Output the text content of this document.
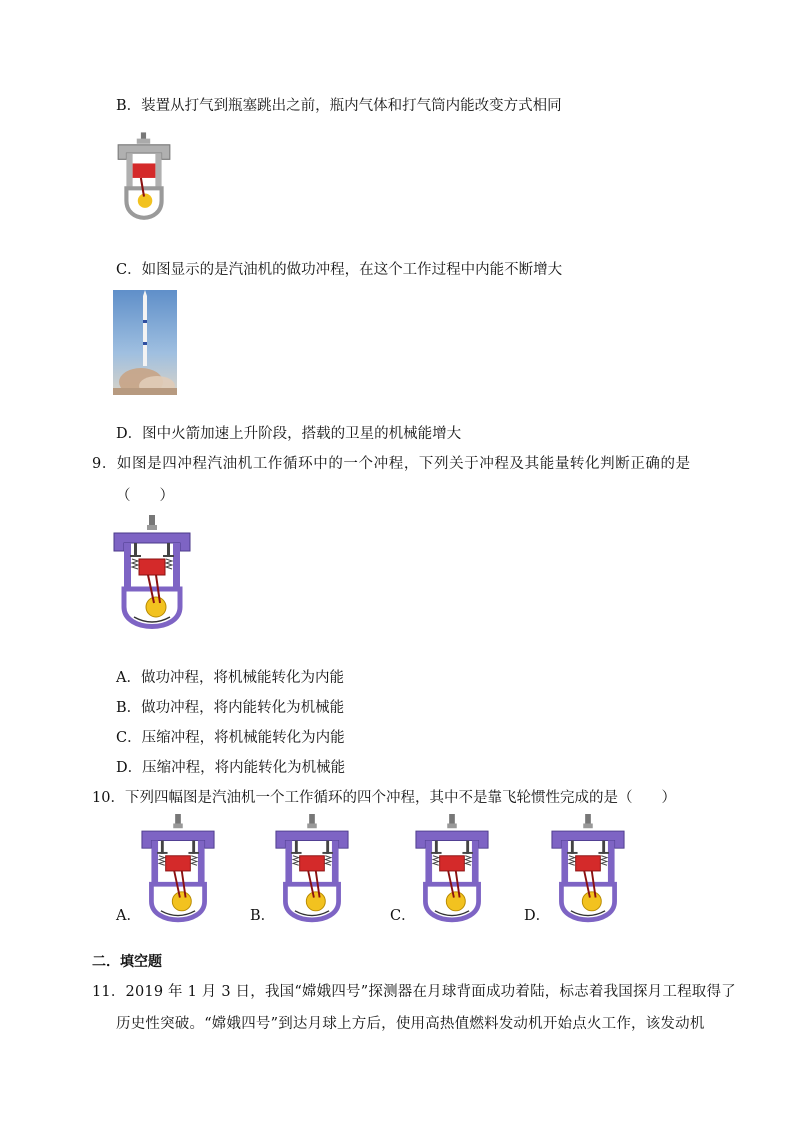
B．装置从打气到瓶塞跳出之前，瓶内气体和打气筒内能改变方式相同
C．如图显示的是汽油机的做功冲程，在这个工作过程中内能不断增大
D．图中火箭加速上升阶段，搭载的卫星的机械能增大
9．如图是四冲程汽油机工作循环中的一个冲程，下列关于冲程及其能量转化判断正确的是
（　　）
A．做功冲程，将机械能转化为内能
B．做功冲程，将内能转化为机械能
C．压缩冲程，将机械能转化为内能
D．压缩冲程，将内能转化为机械能
10．下列四幅图是汽油机一个工作循环的四个冲程，其中不是靠飞轮惯性完成的是（　　）
A．	B．	C．	D．
二．填空题
11．2019 年 1 月 3 日，我国“嫦娥四号”探测器在月球背面成功着陆，标志着我国探月工程取得了
历史性突破。“嫦娥四号”到达月球上方后，使用高热值燃料发动机开始点火工作，该发动机
